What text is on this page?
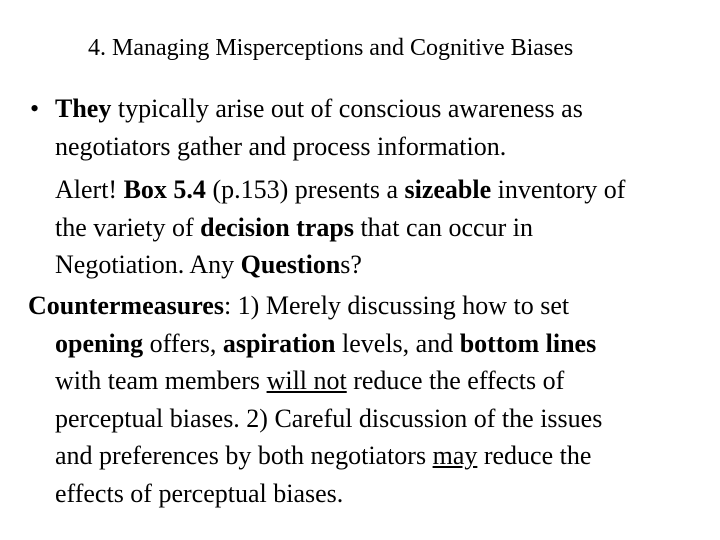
4. Managing Misperceptions and Cognitive Biases
• They typically arise out of conscious awareness as
negotiators gather and process information.
Alert! Box 5.4 (p.153) presents a sizeable inventory of
the variety of decision traps that can occur in
Negotiation. Any Questions?
Countermeasures: 1) Merely discussing how to set
opening offers, aspiration levels, and bottom lines
with team members will not reduce the effects of
perceptual biases. 2) Careful discussion of the issues
and preferences by both negotiators may reduce the
effects of perceptual biases.
